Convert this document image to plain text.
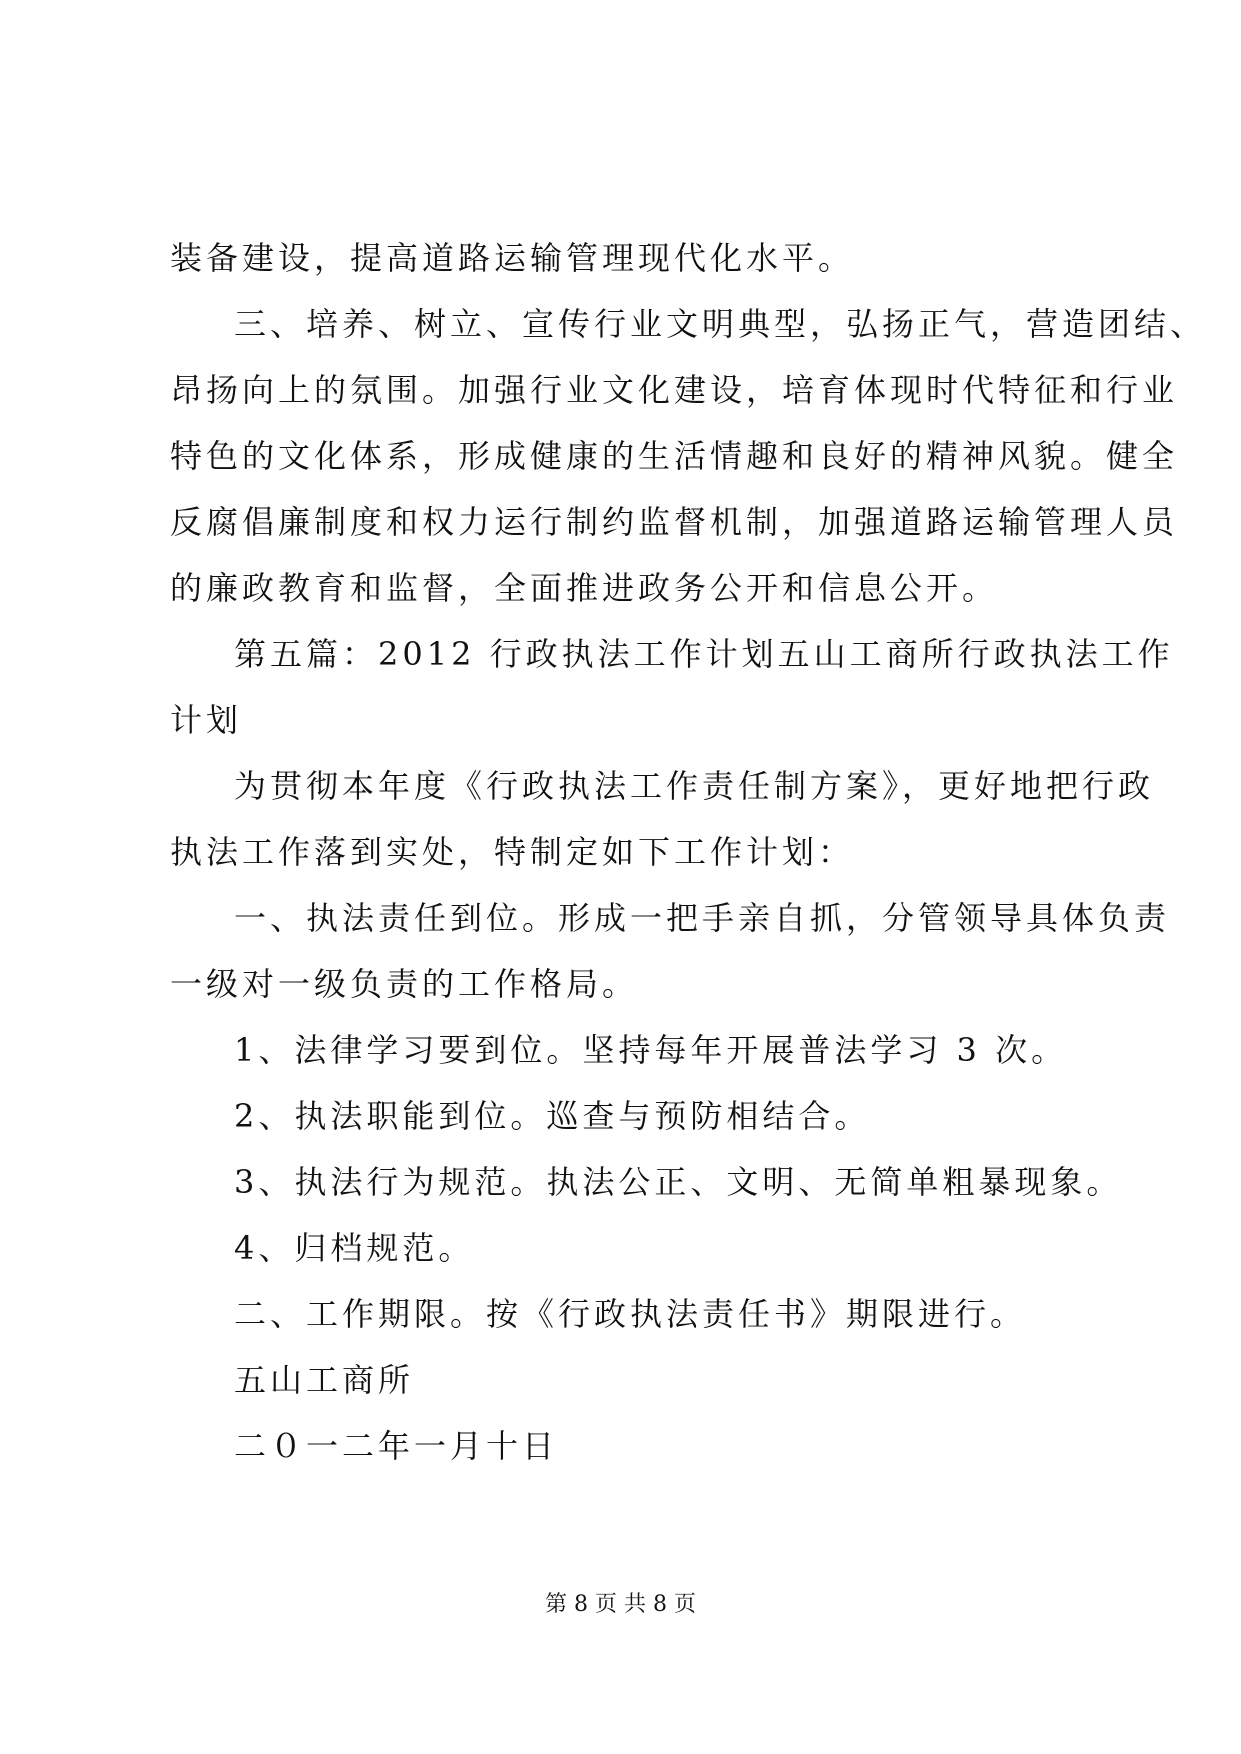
装备建设，提高道路运输管理现代化水平。
三、培养、树立、宣传行业文明典型，弘扬正气，营造团结、
昂扬向上的氛围。加强行业文化建设，培育体现时代特征和行业
特色的文化体系，形成健康的生活情趣和良好的精神风貌。健全
反腐倡廉制度和权力运行制约监督机制，加强道路运输管理人员
的廉政教育和监督，全面推进政务公开和信息公开。
第五篇：2012 行政执法工作计划五山工商所行政执法工作
计划
为贯彻本年度《行政执法工作责任制方案》，更好地把行政
执法工作落到实处，特制定如下工作计划：
一、执法责任到位。形成一把手亲自抓，分管领导具体负责
一级对一级负责的工作格局。
1、法律学习要到位。坚持每年开展普法学习 3 次。
2、执法职能到位。巡查与预防相结合。
3、执法行为规范。执法公正、文明、无简单粗暴现象。
4、归档规范。
二、工作期限。按《行政执法责任书》期限进行。
五山工商所
二０一二年一月十日
第 8 页 共 8 页
